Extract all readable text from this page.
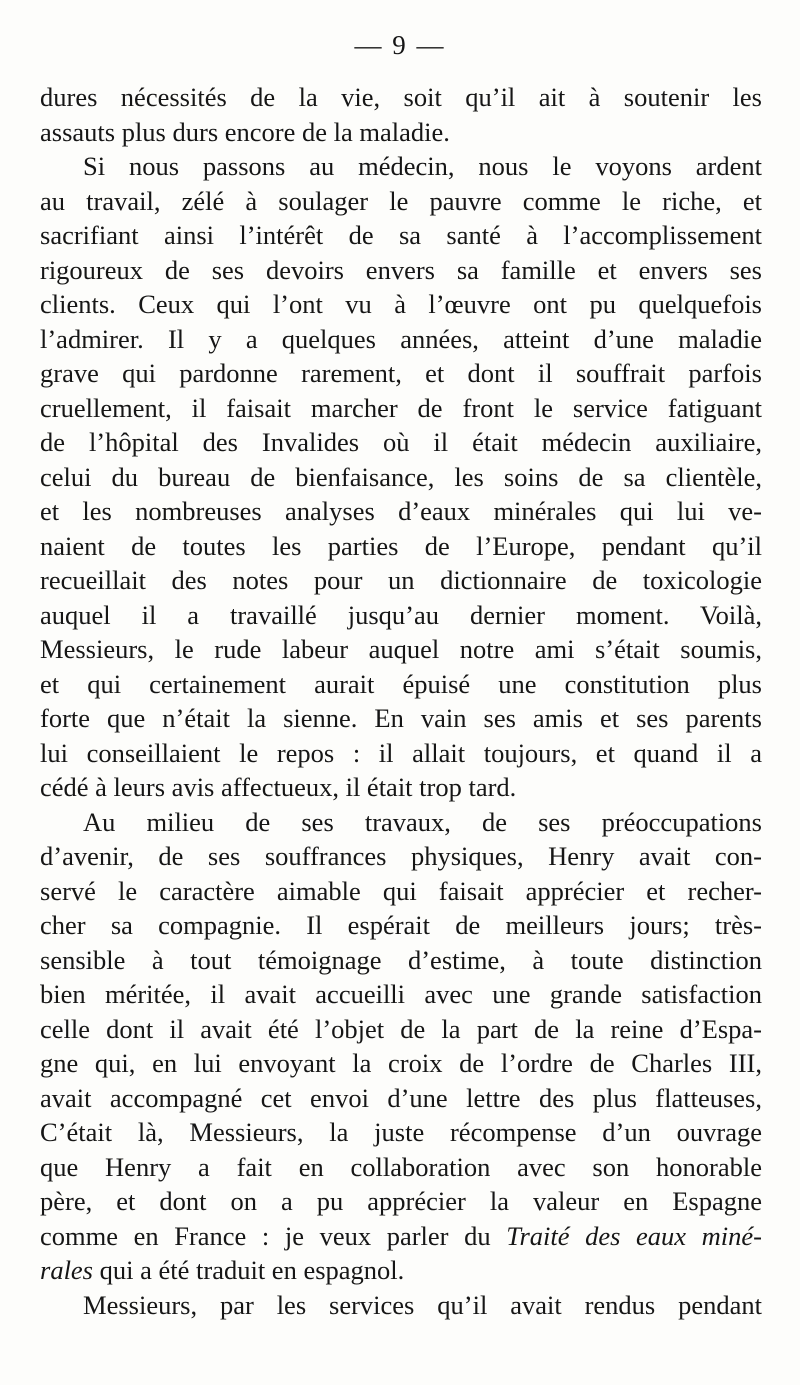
— 9 —
dures nécessités de la vie, soit qu’il ait à soutenir les
assauts plus durs encore de la maladie.
Si nous passons au médecin, nous le voyons ardent
au travail, zélé à soulager le pauvre comme le riche, et
sacrifiant ainsi l’intérêt de sa santé à l’accomplissement
rigoureux de ses devoirs envers sa famille et envers ses
clients. Ceux qui l’ont vu à l’œuvre ont pu quelquefois
l’admirer. Il y a quelques années, atteint d’une maladie
grave qui pardonne rarement, et dont il souffrait parfois
cruellement, il faisait marcher de front le service fatiguant
de l’hôpital des Invalides où il était médecin auxiliaire,
celui du bureau de bienfaisance, les soins de sa clientèle,
et les nombreuses analyses d’eaux minérales qui lui ve-
naient de toutes les parties de l’Europe, pendant qu’il
recueillait des notes pour un dictionnaire de toxicologie
auquel il a travaillé jusqu’au dernier moment. Voilà,
Messieurs, le rude labeur auquel notre ami s’était soumis,
et qui certainement aurait épuisé une constitution plus
forte que n’était la sienne. En vain ses amis et ses parents
lui conseillaient le repos : il allait toujours, et quand il a
cédé à leurs avis affectueux, il était trop tard.
Au milieu de ses travaux, de ses préoccupations
d’avenir, de ses souffrances physiques, Henry avait con-
servé le caractère aimable qui faisait apprécier et recher-
cher sa compagnie. Il espérait de meilleurs jours; très-
sensible à tout témoignage d’estime, à toute distinction
bien méritée, il avait accueilli avec une grande satisfaction
celle dont il avait été l’objet de la part de la reine d’Espa-
gne qui, en lui envoyant la croix de l’ordre de Charles III,
avait accompagné cet envoi d’une lettre des plus flatteuses,
C’était là, Messieurs, la juste récompense d’un ouvrage
que Henry a fait en collaboration avec son honorable
père, et dont on a pu apprécier la valeur en Espagne
comme en France : je veux parler du Traité des eaux miné-
rales qui a été traduit en espagnol.
Messieurs, par les services qu’il avait rendus pendant
